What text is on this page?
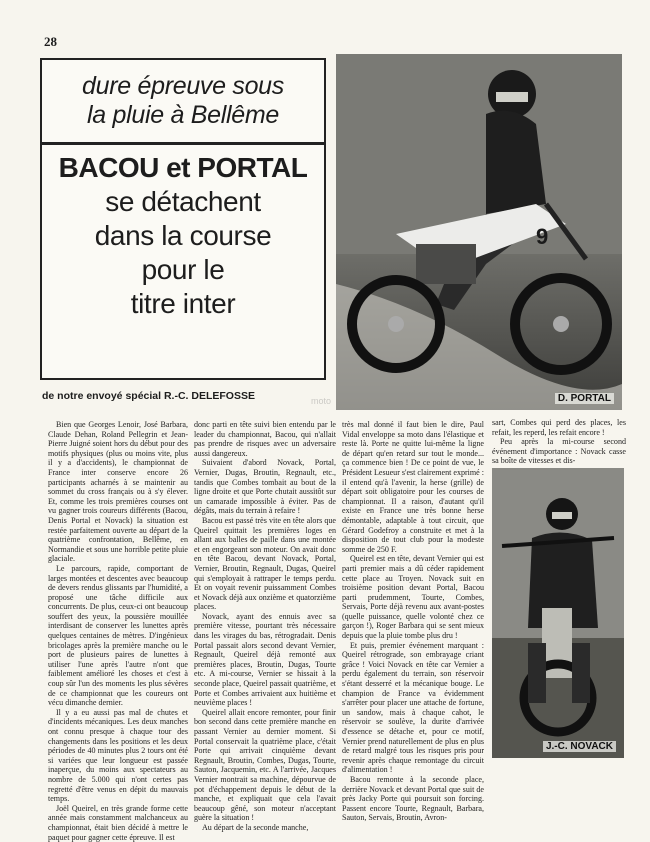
28
dure épreuve sous
la pluie à Bellême
BACOU et PORTAL
se détachent
dans la course
pour le
titre inter
de notre envoyé spécial R.-C. DELEFOSSE
9
D. PORTAL
moto

Bien que Georges Lenoir, José Barbara, Claude Dehan, Roland Pellegrin et Jean-Pierre Juigné soient hors du début pour des motifs physiques (plus ou moins vite, plus il y a d'accidents), le championnat de France inter conserve encore 26 participants acharnés à se maintenir au sommet du cross français ou à s'y élever. Et, comme les trois premières courses ont vu gagner trois coureurs différents (Bacou, Denis Portal et Novack) la situation est restée parfaitement ouverte au départ de la quatrième confrontation, Bellême, en Normandie et sous une horrible petite pluie glaciale.

Le parcours, rapide, comportant de larges montées et descentes avec beaucoup de devers rendus glissants par l'humidité, a proposé une tâche difficile aux concurrents. De plus, ceux-ci ont beaucoup souffert des yeux, la poussière mouillée interdisant de conserver les lunettes après quelques centaines de mètres. D'ingénieux bricolages après la première manche ou le port de plusieurs paires de lunettes à utiliser l'une après l'autre n'ont que faiblement amélioré les choses et c'est à coup sûr l'un des moments les plus sévères de ce championnat que les coureurs ont vécu dimanche dernier.

Il y a eu aussi pas mal de chutes et d'incidents mécaniques. Les deux manches ont connu presque à chaque tour des changements dans les positions et les deux périodes de 40 minutes plus 2 tours ont été si variées que leur longueur est passée inaperçue, du moins aux spectateurs au nombre de 5.000 qui n'ont certes pas regretté d'être venus en dépit du mauvais temps.

Joël Queirel, en très grande forme cette année mais constamment malchanceux au championnat, était bien décidé à mettre le paquet pour gagner cette épreuve. Il est

donc parti en tête suivi bien entendu par le leader du championnat, Bacou, qui n'allait pas prendre de risques avec un adversaire aussi dangereux.

Suivaient d'abord Novack, Portal, Vernier, Dugas, Broutin, Regnault, etc., tandis que Combes tombait au bout de la ligne droite et que Porte chutait aussitôt sur un camarade impossible à éviter. Pas de dégâts, mais du terrain à refaire !

Bacou est passé très vite en tête alors que Queirel quittait les premières loges en allant aux balles de paille dans une montée et en engorgeant son moteur. On avait donc en tête Bacou, devant Novack, Portal, Vernier, Broutin, Regnault, Dugas, Queirel qui s'employait à rattraper le temps perdu. Et on voyait revenir puissamment Combes et Novack déjà aux onzième et quatorzième places.

Novack, ayant des ennuis avec sa première vitesse, pourtant très nécessaire dans les virages du bas, rétrogradait. Denis Portal passait alors second devant Vernier, Regnault, Queirel déjà remonté aux premières places, Broutin, Dugas, Tourte etc. A mi-course, Vernier se hissait à la seconde place, Queirel passait quatrième, et Porte et Combes arrivaient aux huitième et neuvième places !

Queirel allait encore remonter, pour finir bon second dans cette première manche en passant Vernier au dernier moment. Si Portal conservait la quatrième place, c'était Porte qui arrivait cinquième devant Regnault, Broutin, Combes, Dugas, Tourte, Sauton, Jacquemin, etc. A l'arrivée, Jacques Vernier montrait sa machine, dépourvue de pot d'échappement depuis le début de la manche, et expliquait que cela l'avait beaucoup gêné, son moteur n'acceptant guère la situation !

Au départ de la seconde manche,

très mal donné il faut bien le dire, Paul Vidal enveloppe sa moto dans l'élastique et reste là. Porte ne quitte lui-même la ligne de départ qu'en retard sur tout le monde... ça commence bien ! De ce point de vue, le Président Lesueur s'est clairement exprimé : il entend qu'à l'avenir, la herse (grille) de départ soit obligatoire pour les courses de championnat. Il a raison, d'autant qu'il existe en France une très bonne herse démontable, adaptable à tout circuit, que Gérard Godefroy a construite et met à la disposition de tout club pour la modeste somme de 250 F.

Queirel est en tête, devant Vernier qui est parti premier mais a dû céder rapidement cette place au Troyen. Novack suit en troisième position devant Portal, Bacou parti prudemment, Tourte, Combes, Servais, Porte déjà revenu aux avant-postes (quelle puissance, quelle volonté chez ce garçon !), Roger Barbara qui se sent mieux depuis que la pluie tombe plus dru !

Et puis, premier événement marquant : Queirel rétrograde, son embrayage criant grâce ! Voici Novack en tête car Vernier a perdu également du terrain, son réservoir s'étant desserré et la mécanique bouge. Le champion de France va évidemment s'arrêter pour placer une attache de fortune, un sandow, mais à chaque cahot, le réservoir se soulève, la durite d'arrivée d'essence se détache et, pour ce motif, Vernier prend naturellement de plus en plus de retard malgré tous les risques pris pour revenir après chaque remontage du circuit d'alimentation !

Bacou remonte à la seconde place, derrière Novack et devant Portal que suit de près Jacky Porte qui poursuit son forcing. Passent encore Tourte, Regnault, Barbara, Sauton, Servais, Broutin, Avron-

sart, Combes qui perd des places, les refait, les reperd, les refait encore !

Peu après la mi-course second événement d'importance : Novack casse sa boîte de vitesses et dis-

J.-C. NOVACK
